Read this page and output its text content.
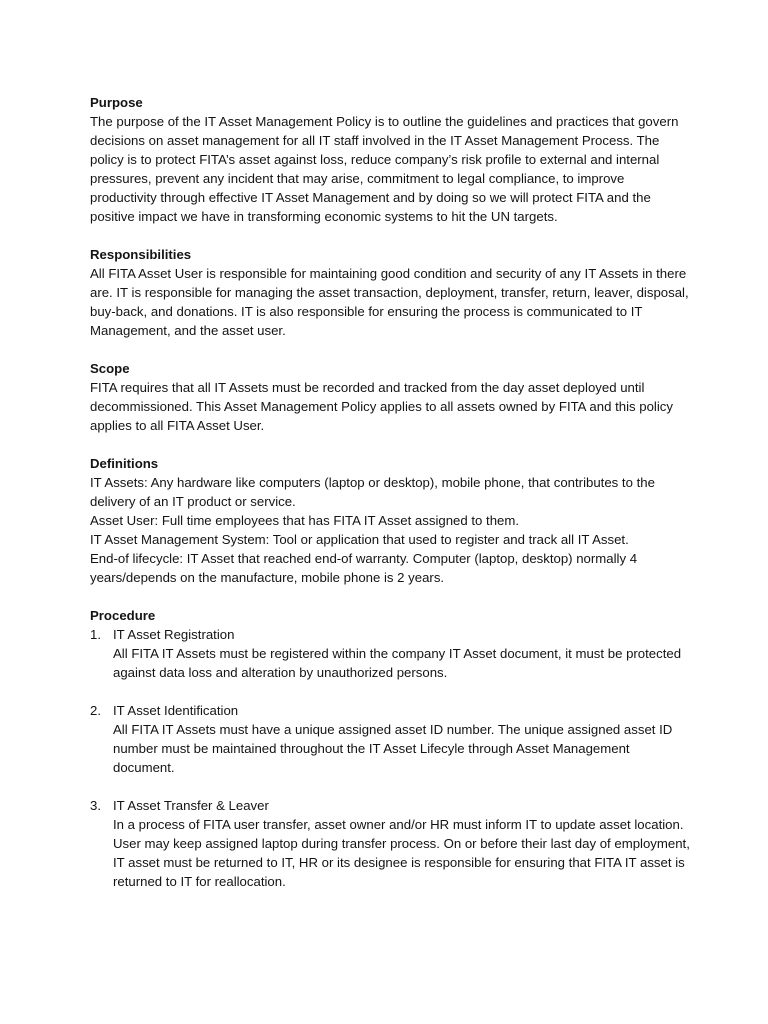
Purpose
The purpose of the IT Asset Management Policy is to outline the guidelines and practices that govern decisions on asset management for all IT staff involved in the IT Asset Management Process. The policy is to protect FITA’s asset against loss, reduce company’s risk profile to external and internal pressures, prevent any incident that may arise, commitment to legal compliance, to improve productivity through effective IT Asset Management and by doing so we will protect FITA and the positive impact we have in transforming economic systems to hit the UN targets.
Responsibilities
All FITA Asset User is responsible for maintaining good condition and security of any IT Assets in there are. IT is responsible for managing the asset transaction, deployment, transfer, return, leaver, disposal, buy-back, and donations. IT is also responsible for ensuring the process is communicated to IT Management, and the asset user.
Scope
FITA requires that all IT Assets must be recorded and tracked from the day asset deployed until decommissioned. This Asset Management Policy applies to all assets owned by FITA and this policy applies to all FITA Asset User.
Definitions
IT Assets: Any hardware like computers (laptop or desktop), mobile phone, that contributes to the delivery of an IT product or service.
Asset User: Full time employees that has FITA IT Asset assigned to them.
IT Asset Management System: Tool or application that used to register and track all IT Asset.
End-of lifecycle: IT Asset that reached end-of warranty. Computer (laptop, desktop) normally 4 years/depends on the manufacture, mobile phone is 2 years.
Procedure
1. IT Asset Registration
All FITA IT Assets must be registered within the company IT Asset document, it must be protected against data loss and alteration by unauthorized persons.
2. IT Asset Identification
All FITA IT Assets must have a unique assigned asset ID number. The unique assigned asset ID number must be maintained throughout the IT Asset Lifecyle through Asset Management document.
3. IT Asset Transfer & Leaver
In a process of FITA user transfer, asset owner and/or HR must inform IT to update asset location. User may keep assigned laptop during transfer process. On or before their last day of employment, IT asset must be returned to IT, HR or its designee is responsible for ensuring that FITA IT asset is returned to IT for reallocation.
